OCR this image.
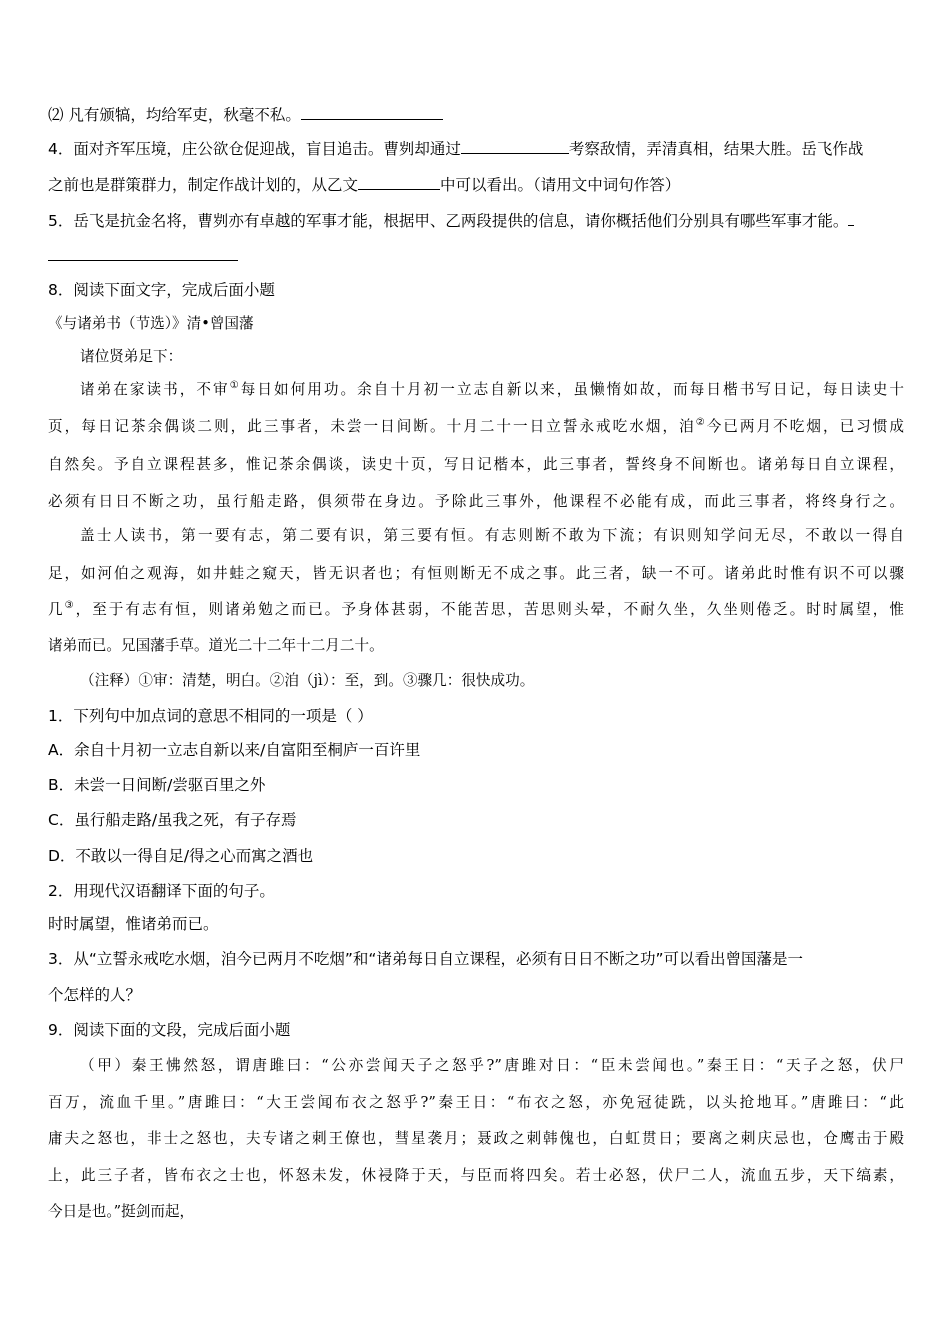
⑵ 凡有颁犒，均给军吏，秋毫不私。
4．面对齐军压境，庄公欲仓促迎战，盲目追击。曹刿却通过	考察敌情，弄清真相，结果大胜。岳飞作战
之前也是群策群力，制定作战计划的，从乙文	中可以看出。（请用文中词句作答）
5．岳飞是抗金名将，曹刿亦有卓越的军事才能，根据甲、乙两段提供的信息，请你概括他们分别具有哪些军事才能。
8．阅读下面文字，完成后面小题
《与诸弟书（节选）》清•曾国藩
诸位贤弟足下：
诸弟在家读书，不审①每日如何用功。余自十月初一立志自新以来，虽懒惰如故，而每日楷书写日记，每日读史十
页，每日记茶余偶谈二则，此三事者，未尝一日间断。十月二十一日立誓永戒吃水烟，洎②今已两月不吃烟，已习惯成
自然矣。予自立课程甚多，惟记茶余偶谈，读史十页，写日记楷本，此三事者，誓终身不间断也。诸弟每日自立课程，
必须有日日不断之功，虽行船走路，俱须带在身边。予除此三事外，他课程不必能有成，而此三事者，将终身行之。
盖士人读书，第一要有志，第二要有识，第三要有恒。有志则断不敢为下流；有识则知学问无尽，不敢以一得自
足，如河伯之观海，如井蛙之窥天，皆无识者也；有恒则断无不成之事。此三者，缺一不可。诸弟此时惟有识不可以骤
几③，至于有志有恒，则诸弟勉之而已。予身体甚弱，不能苦思，苦思则头晕，不耐久坐，久坐则倦乏。时时属望，惟
诸弟而已。兄国藩手草。道光二十二年十二月二十。
（注释）①审：清楚，明白。②洎（jì）：至，到。③骤几：很快成功。
1．下列句中加点词的意思不相同的一项是（ ）
A．余自十月初一立志自新以来/自富阳至桐庐一百许里
B．未尝一日间断/尝驱百里之外
C．虽行船走路/虽我之死，有子存焉
D．不敢以一得自足/得之心而寓之酒也
2．用现代汉语翻译下面的句子。
时时属望，惟诸弟而已。
3．从“立誓永戒吃水烟，洎今已两月不吃烟”和“诸弟每日自立课程，必须有日日不断之功”可以看出曾国藩是一
个怎样的人？
9．阅读下面的文段，完成后面小题
（甲）秦王怫然怒，谓唐雎曰：“公亦尝闻天子之怒乎?”唐雎对日：“臣未尝闻也。”秦王日：“天子之怒，伏尸
百万，流血千里。”唐雎曰：“大王尝闻布衣之怒乎?”秦王日：“布衣之怒，亦免冠徒跣，以头抢地耳。”唐雎曰：“此
庸夫之怒也，非士之怒也，夫专诸之刺王僚也，彗星袭月；聂政之刺韩傀也，白虹贯日；要离之刺庆忌也，仓鹰击于殿
上，此三子者，皆布衣之士也，怀怒未发，休祲降于天，与臣而将四矣。若士必怒，伏尸二人，流血五步，天下缟素，
今日是也。”挺剑而起，
